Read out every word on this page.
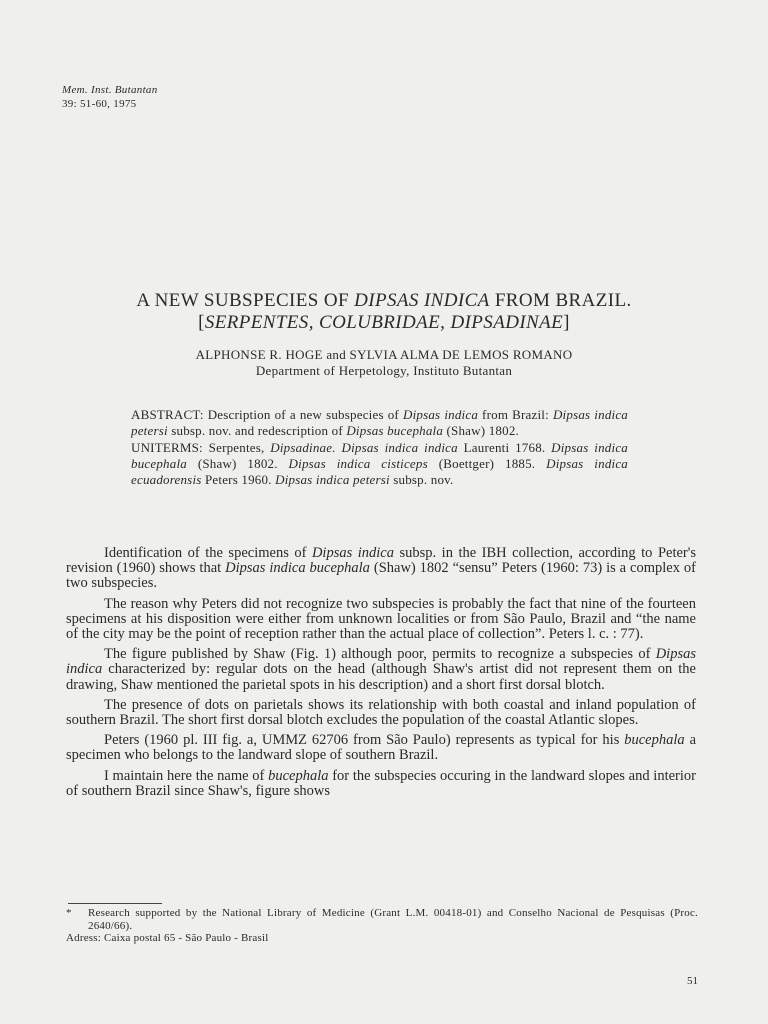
Mem. Inst. Butantan
39: 51-60, 1975
A NEW SUBSPECIES OF DIPSAS INDICA FROM BRAZIL.
[SERPENTES, COLUBRIDAE, DIPSADINAE]
ALPHONSE R. HOGE and SYLVIA ALMA DE LEMOS ROMANO
Department of Herpetology, Instituto Butantan

ABSTRACT: Description of a new subspecies of Dipsas indica from Brazil: Dipsas indica petersi subsp. nov. and redescription of Dipsas bucephala (Shaw) 1802.

UNITERMS: Serpentes, Dipsadinae. Dipsas indica indica Laurenti 1768. Dipsas indica bucephala (Shaw) 1802. Dipsas indica cisticeps (Boettger) 1885. Dipsas indica ecuadorensis Peters 1960. Dipsas indica petersi subsp. nov.

Identification of the specimens of Dipsas indica subsp. in the IBH collection, according to Peter's revision (1960) shows that Dipsas indica bucephala (Shaw) 1802 “sensu” Peters (1960: 73) is a complex of two subspecies.

The reason why Peters did not recognize two subspecies is probably the fact that nine of the fourteen specimens at his disposition were either from unknown localities or from São Paulo, Brazil and “the name of the city may be the point of reception rather than the actual place of collection”. Peters l. c. : 77).

The figure published by Shaw (Fig. 1) although poor, permits to recognize a subspecies of Dipsas indica characterized by: regular dots on the head (although Shaw's artist did not represent them on the drawing, Shaw mentioned the parietal spots in his description) and a short first dorsal blotch.

The presence of dots on parietals shows its relationship with both coastal and inland population of southern Brazil. The short first dorsal blotch excludes the population of the coastal Atlantic slopes.

Peters (1960 pl. III fig. a, UMMZ 62706 from São Paulo) represents as typical for his bucephala a specimen who belongs to the landward slope of southern Brazil.

I maintain here the name of bucephala for the subspecies occuring in the landward slopes and interior of southern Brazil since Shaw's, figure shows

* Research supported by the National Library of Medicine (Grant L.M. 00418-01) and Conselho Nacional de Pesquisas (Proc. 2640/66).

Adress: Caixa postal 65 - São Paulo - Brasil

51
